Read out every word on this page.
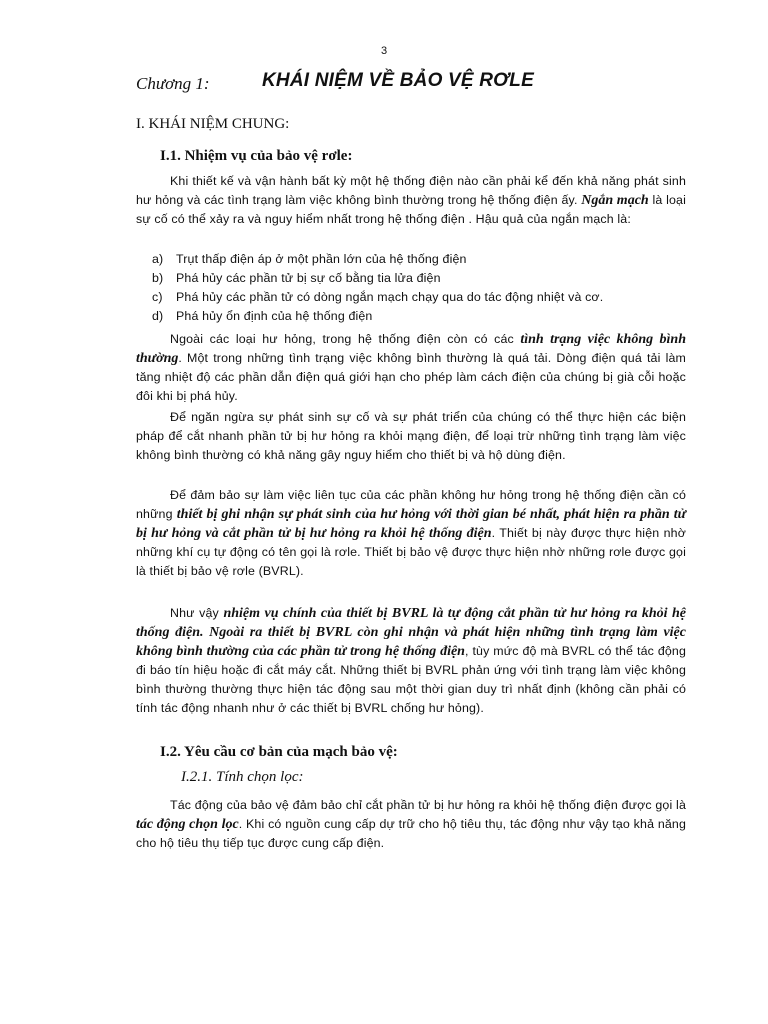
3
Chương 1:	KHÁI NIỆM VỀ BẢO VỆ RƠLE
I. KHÁI NIỆM CHUNG:
I.1. Nhiệm vụ của bảo vệ rơle:

Khi thiết kế và vận hành bất kỳ một hệ thống điện nào cần phải kể đến khả năng phát sinh hư hỏng và các tình trạng làm việc không bình thường trong hệ thống điện ấy. Ngắn mạch là loại sự cố có thể xảy ra và nguy hiểm nhất trong hệ thống điện . Hậu quả của ngắn mạch là:

a)	Trụt thấp điện áp ở một phần lớn của hệ thống điện
b)	Phá hủy các phần tử bị sự cố bằng tia lửa điện
c)	Phá hủy các phần tử có dòng ngắn mạch chạy qua do tác động nhiệt và cơ.
d)	Phá hủy ổn định của hệ thống điện

Ngoài các loại hư hỏng, trong hệ thống điện còn có các tình trạng việc không bình thường. Một trong những tình trạng việc không bình thường là quá tải. Dòng điện quá tải làm tăng nhiệt độ các phần dẫn điện quá giới hạn cho phép làm cách điện của chúng bị già cỗi hoặc đôi khi bị phá hủy.

Để ngăn ngừa sự phát sinh sự cố và sự phát triển của chúng có thể thực hiện các biện pháp để cắt nhanh phần tử bị hư hỏng ra khỏi mạng điện, để loại trừ những tình trạng làm việc không bình thường có khả năng gây nguy hiểm cho thiết bị và hộ dùng điện.

Để đảm bảo sự làm việc liên tục của các phần không hư hỏng trong hệ thống điện cần có những thiết bị ghi nhận sự phát sinh của hư hỏng với thời gian bé nhất, phát hiện ra phần tử bị hư hỏng và cắt phần tử bị hư hỏng ra khỏi hệ thống điện. Thiết bị này được thực hiện nhờ những khí cụ tự động có tên gọi là rơle. Thiết bị bảo vệ được thực hiện nhờ những rơle được gọi là thiết bị bảo vệ rơle (BVRL).

Như vậy nhiệm vụ chính của thiết bị BVRL là tự động cắt phần tử hư hỏng ra khỏi hệ thống điện. Ngoài ra thiết bị BVRL còn ghi nhận và phát hiện những tình trạng làm việc không bình thường của các phần tử trong hệ thống điện, tùy mức độ mà BVRL có thể tác động đi báo tín hiệu hoặc đi cắt máy cắt. Những thiết bị BVRL phản ứng với tình trạng làm việc không bình thường thường thực hiện tác động sau một thời gian duy trì nhất định (không cần phải có tính tác động nhanh như ở các thiết bị BVRL chống hư hỏng).

I.2. Yêu cầu cơ bản của mạch bảo vệ:
I.2.1. Tính chọn lọc:

Tác động của bảo vệ đảm bảo chỉ cắt phần tử bị hư hỏng ra khỏi hệ thống điện được gọi là tác động chọn lọc. Khi có nguồn cung cấp dự trữ cho hộ tiêu thụ, tác động như vậy tạo khả năng cho hộ tiêu thụ tiếp tục được cung cấp điện.
